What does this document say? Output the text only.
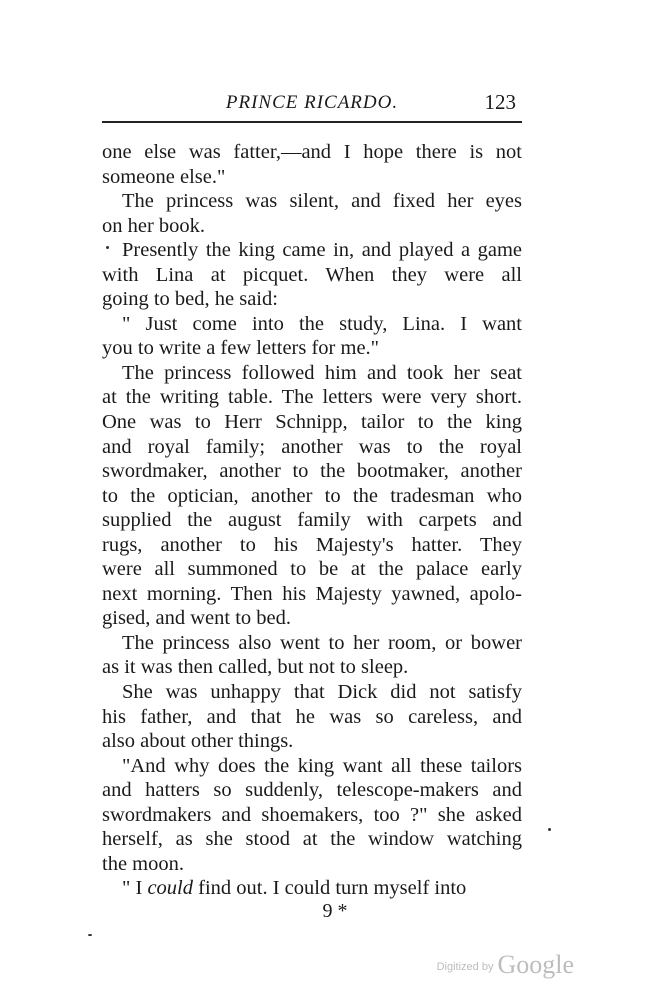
PRINCE RICARDO.	123
one else was fatter,—and I hope there is not
someone else."
The princess was silent, and fixed her eyes
on her book.
Presently the king came in, and played a game
with Lina at picquet. When they were all
going to bed, he said:
" Just come into the study, Lina. I want
you to write a few letters for me."
The princess followed him and took her seat
at the writing table. The letters were very short.
One was to Herr Schnipp, tailor to the king
and royal family; another was to the royal
swordmaker, another to the bootmaker, another
to the optician, another to the tradesman who
supplied the august family with carpets and
rugs, another to his Majesty's hatter. They
were all summoned to be at the palace early
next morning. Then his Majesty yawned, apolo-
gised, and went to bed.
The princess also went to her room, or bower
as it was then called, but not to sleep.
She was unhappy that Dick did not satisfy
his father, and that he was so careless, and
also about other things.
"And why does the king want all these tailors
and hatters so suddenly, telescope-makers and
swordmakers and shoemakers, too ?" she asked
herself, as she stood at the window watching
the moon.
" I could find out. I could turn myself into
9 *
Digitized by Google
